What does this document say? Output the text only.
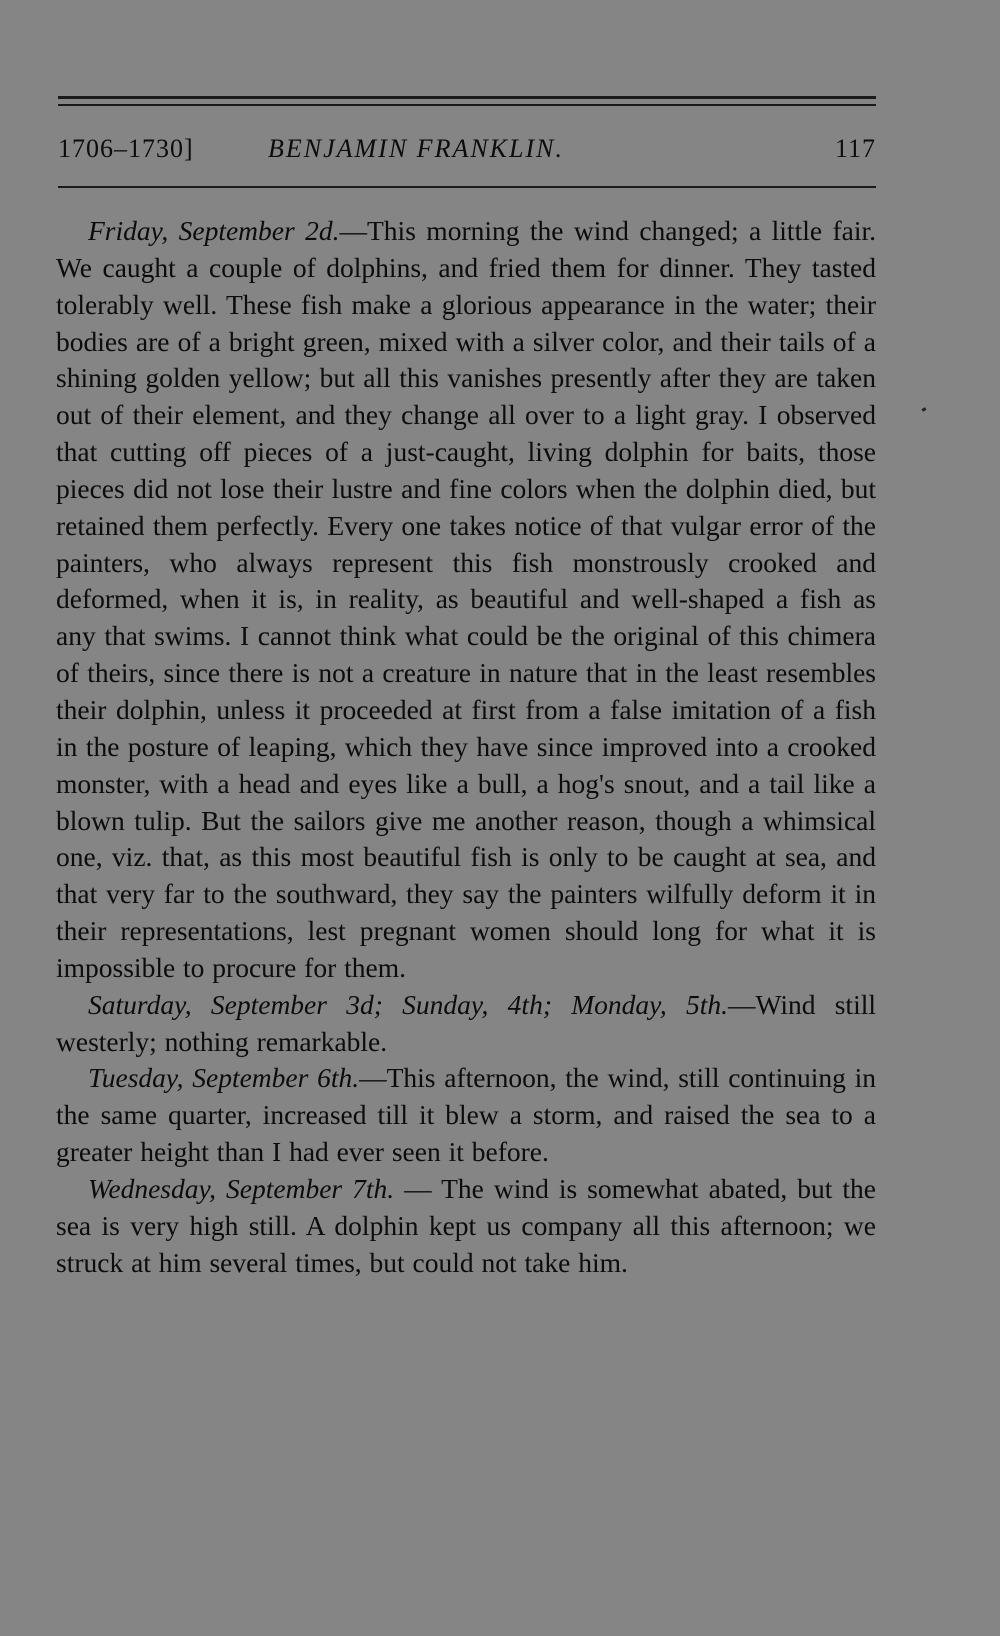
1706–1730]	BENJAMIN FRANKLIN.	117

Friday, September 2d.—This morning the wind changed; a little fair. We caught a couple of dolphins, and fried them for dinner. They tasted tolerably well. These fish make a glorious appearance in the water; their bodies are of a bright green, mixed with a silver color, and their tails of a shining golden yellow; but all this vanishes presently after they are taken out of their element, and they change all over to a light gray. I observed that cutting off pieces of a just-caught, living dolphin for baits, those pieces did not lose their lustre and fine colors when the dolphin died, but retained them perfectly. Every one takes notice of that vulgar error of the painters, who always represent this fish monstrously crooked and deformed, when it is, in reality, as beautiful and well-shaped a fish as any that swims. I cannot think what could be the original of this chimera of theirs, since there is not a creature in nature that in the least resembles their dolphin, unless it proceeded at first from a false imitation of a fish in the posture of leaping, which they have since improved into a crooked monster, with a head and eyes like a bull, a hog's snout, and a tail like a blown tulip. But the sailors give me another reason, though a whimsical one, viz. that, as this most beautiful fish is only to be caught at sea, and that very far to the southward, they say the painters wilfully deform it in their representations, lest pregnant women should long for what it is impossible to procure for them.

Saturday, September 3d; Sunday, 4th; Monday, 5th.—Wind still westerly; nothing remarkable.

Tuesday, September 6th.—This afternoon, the wind, still continuing in the same quarter, increased till it blew a storm, and raised the sea to a greater height than I had ever seen it before.

Wednesday, September 7th. — The wind is somewhat abated, but the sea is very high still. A dolphin kept us company all this afternoon; we struck at him several times, but could not take him.
